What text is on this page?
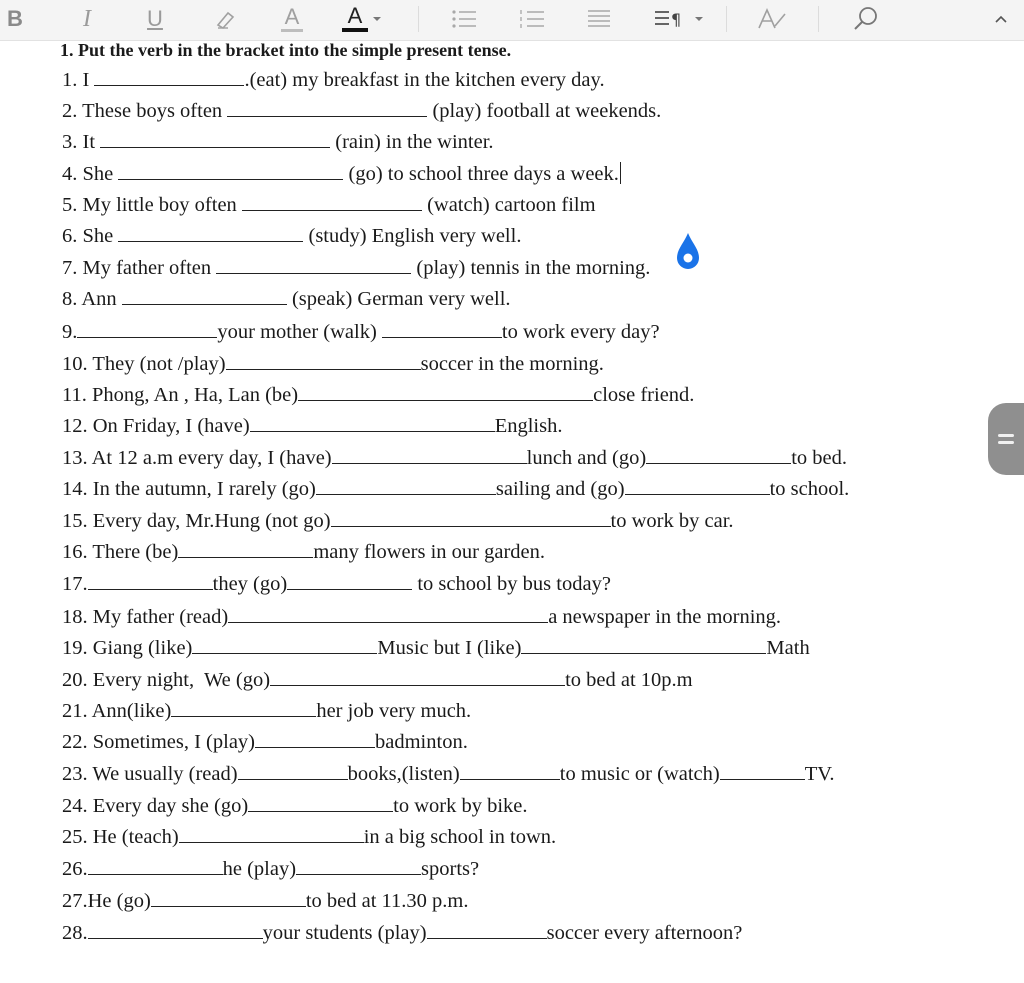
B	I	U	A A	¶
1. Put the verb in the bracket into the simple present tense.
1. I	.(eat) my breakfast in the kitchen every day.
2. These boys often	(play) football at weekends.
3. It	(rain) in the winter.
4. She	(go) to school three days a week.
5. My little boy often	(watch) cartoon film
6. She	(study) English very well.
7. My father often	(play) tennis in the morning.
8. Ann	(speak) German very well.
9.	your mother (walk)	to work every day?
10. They (not /play)	soccer in the morning.
11. Phong, An , Ha, Lan (be)	close friend.
12. On Friday, I (have)	English.
13. At 12 a.m every day, I (have)	lunch and (go)	to bed.
14. In the autumn, I rarely (go)	sailing and (go)	to school.
15. Every day, Mr.Hung (not go)	to work by car.
16. There (be)	many flowers in our garden.
17.	they (go)	to school by bus today?
18. My father (read)	a newspaper in the morning.
19. Giang (like)	Music but I (like)	Math
20. Every night,  We (go)	to bed at 10p.m
21. Ann(like)	her job very much.
22. Sometimes, I (play)	badminton.
23. We usually (read)	books,(listen)	to music or (watch)	TV.
24. Every day she (go)	to work by bike.
25. He (teach)	in a big school in town.
26.	he (play)	sports?
27.He (go)	to bed at 11.30 p.m.
28.	your students (play)	soccer every afternoon?
